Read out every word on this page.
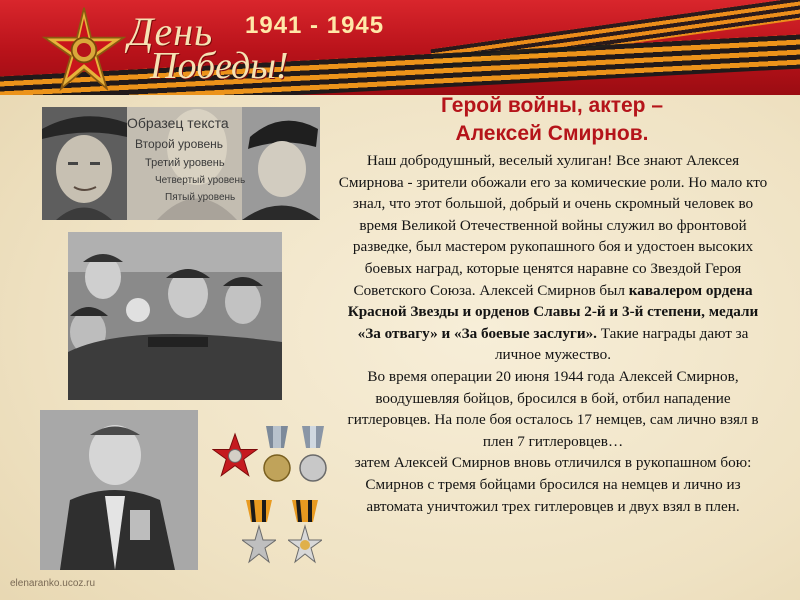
День
Победы!
1941 - 1945
Образец текста
Второй уровень
Третий уровень
Четвертый уровень
Пятый уровень
Герой войны, актер –
Алексей Смирнов.
Наш добродушный, веселый хулиган! Все знают Алексея Смирнова - зрители обожали его за комические роли. Но мало кто знал, что этот большой, добрый и очень скромный человек во время Великой Отечественной войны служил во фронтовой разведке, был мастером рукопашного боя и удостоен высоких боевых наград, которые ценятся наравне со Звездой Героя Советского Союза. Алексей Смирнов был кавалером ордена Красной Звезды и орденов Славы 2-й и 3-й степени, медали «За отвагу» и «За боевые заслуги». Такие награды дают за личное мужество.
Во время операции 20 июня 1944 года Алексей Смирнов, воодушевляя бойцов, бросился в бой, отбил нападение гитлеровцев. На поле боя осталось 17 немцев, сам лично взял в плен 7 гитлеровцев…
затем Алексей Смирнов вновь отличился в рукопашном бою: Смирнов с тремя бойцами бросился на немцев и лично из автомата уничтожил трех гитлеровцев и двух взял в плен.
elenaranko.ucoz.ru
